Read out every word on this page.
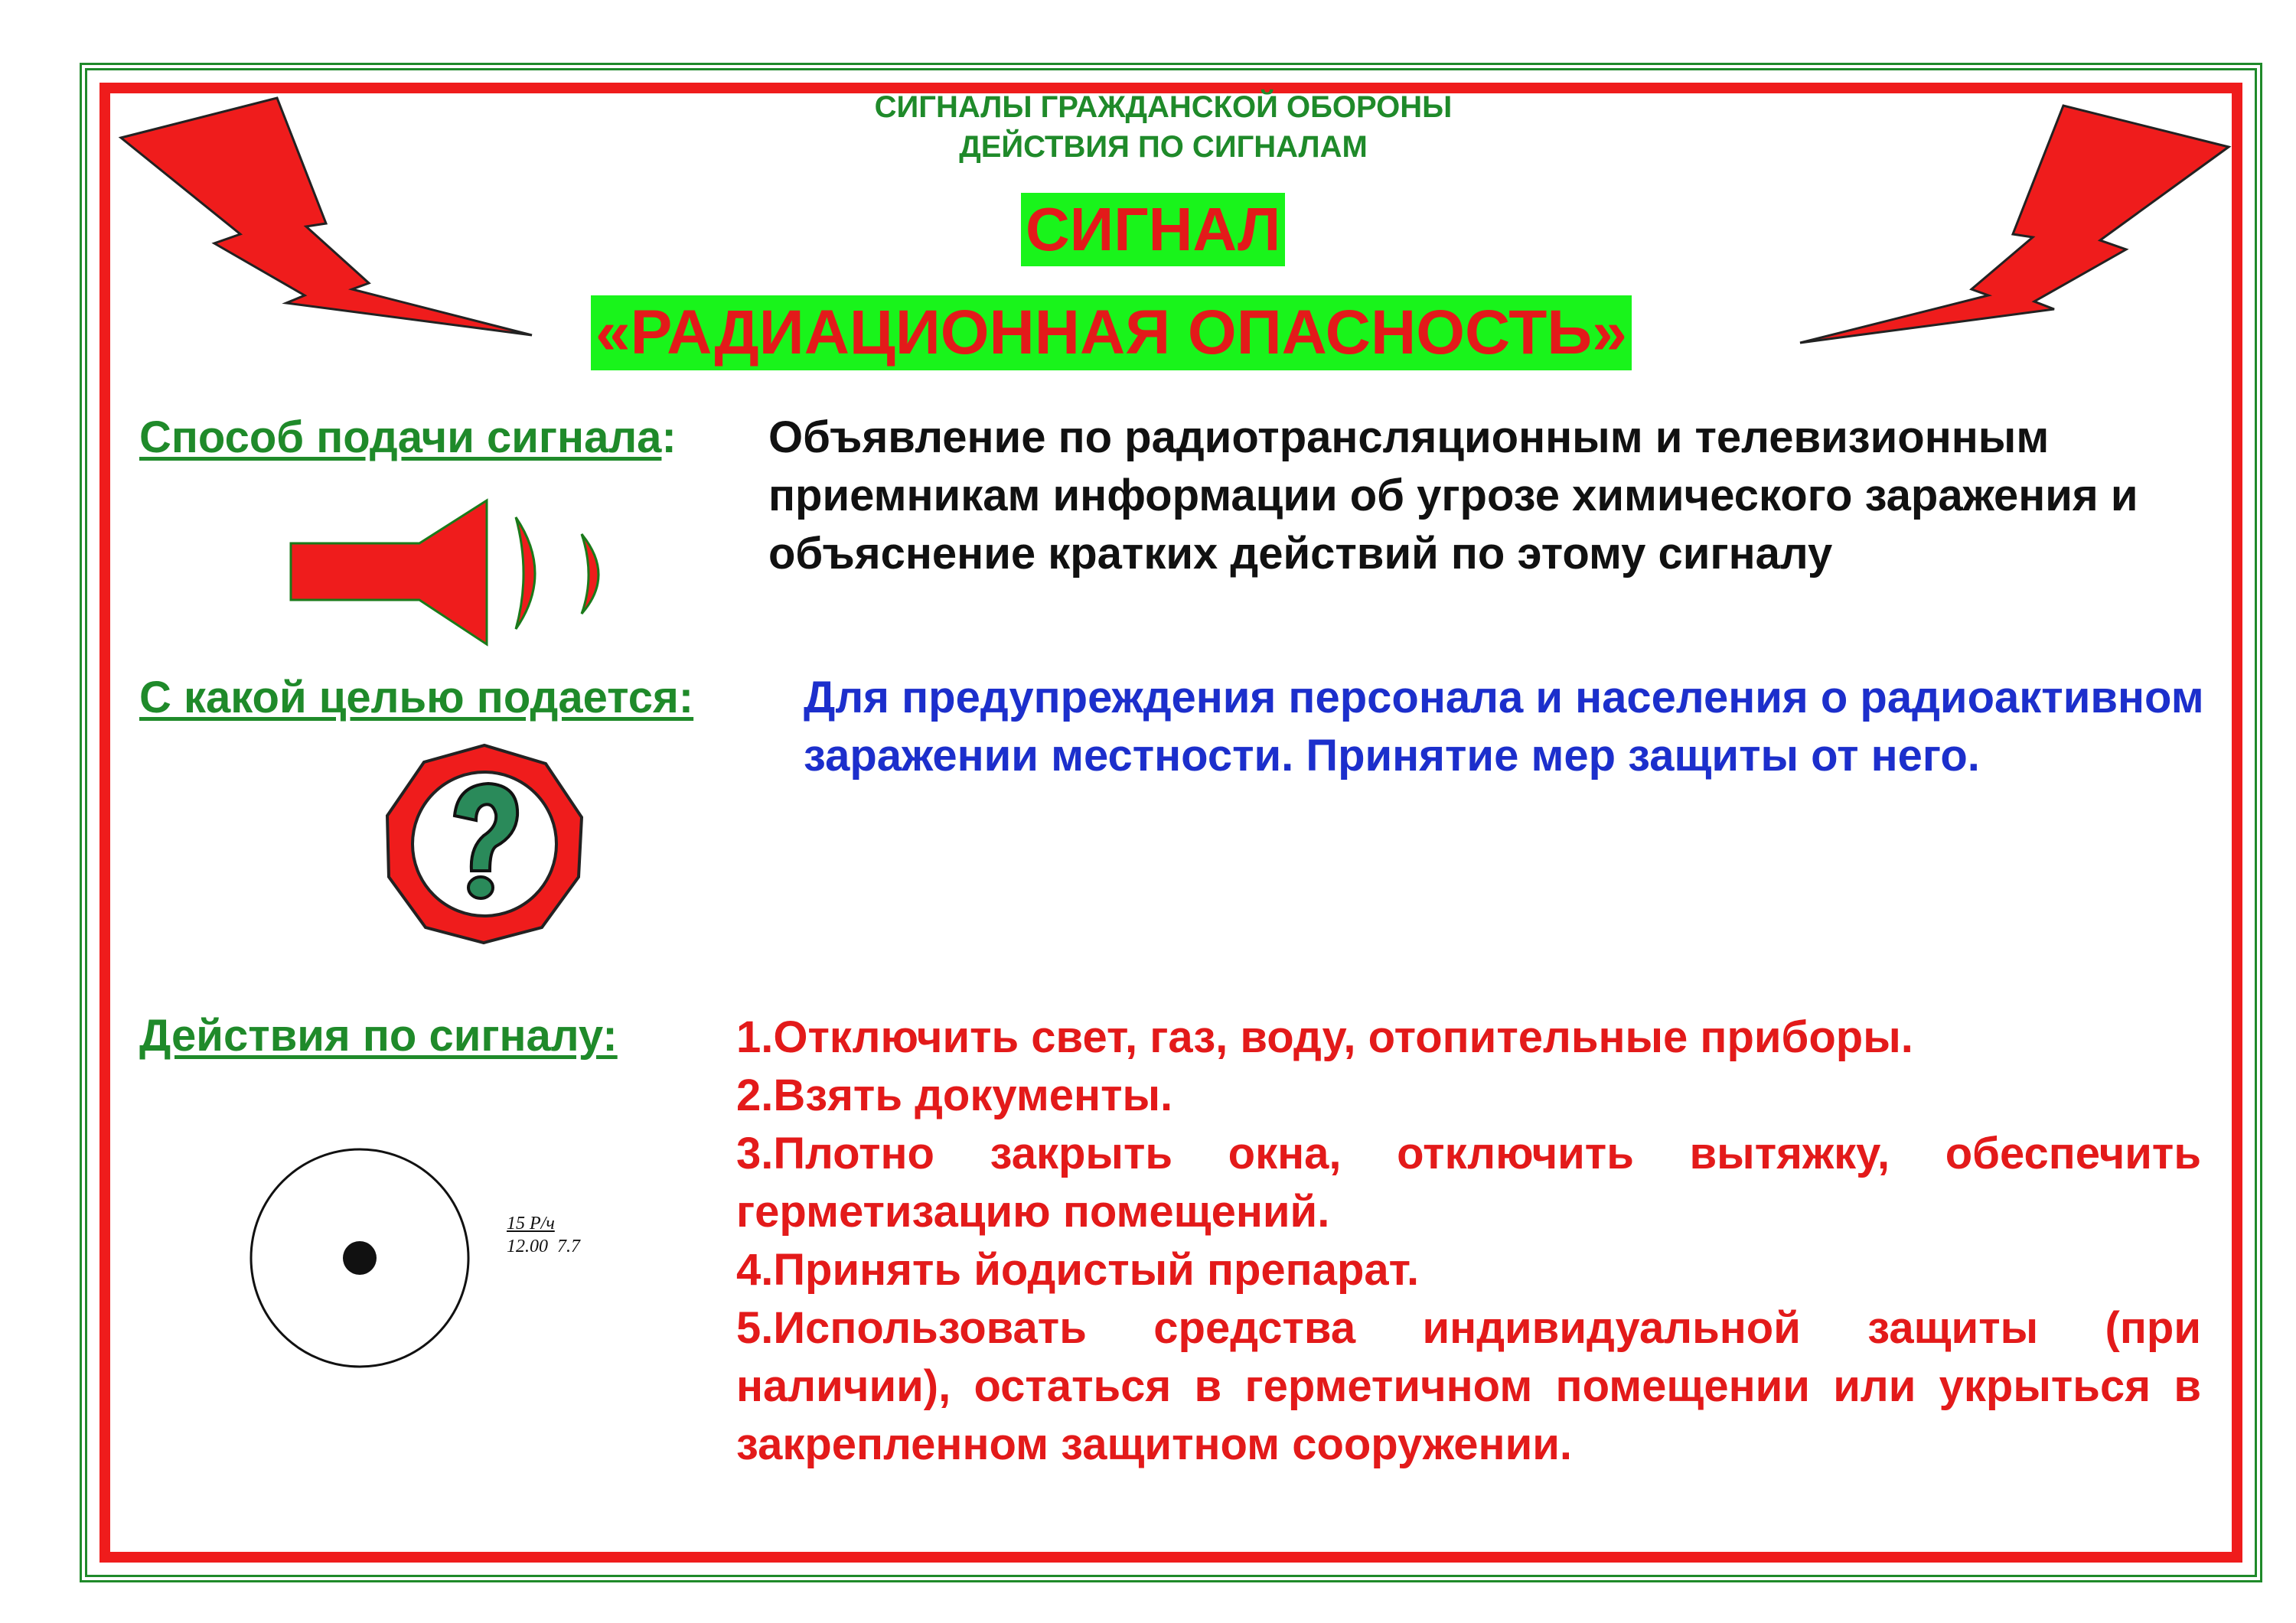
СИГНАЛЫ ГРАЖДАНСКОЙ ОБОРОНЫ
ДЕЙСТВИЯ ПО СИГНАЛАМ
СИГНАЛ
«РАДИАЦИОННАЯ ОПАСНОСТЬ»
Способ подачи сигнала: Объявление по радиотрансляционным и телевизионным приемникам информации об угрозе химического заражения и объяснение кратких действий по этому сигналу
С какой целью подается: Для предупреждения персонала и населения о радиоактивном заражении местности. Принятие мер защиты от него.
Действия по сигналу:	1.Отключить свет, газ, воду, отопительные приборы.
2.Взять документы.
3.Плотно закрыть окна, отключить вытяжку, обеспечить герметизацию помещений.
4.Принять йодистый препарат.
5.Использовать средства индивидуальной защиты (при наличии), остаться в герметичном помещении или укрыться в закрепленном защитном сооружении.
15 Р/ч
12.00  7.7
